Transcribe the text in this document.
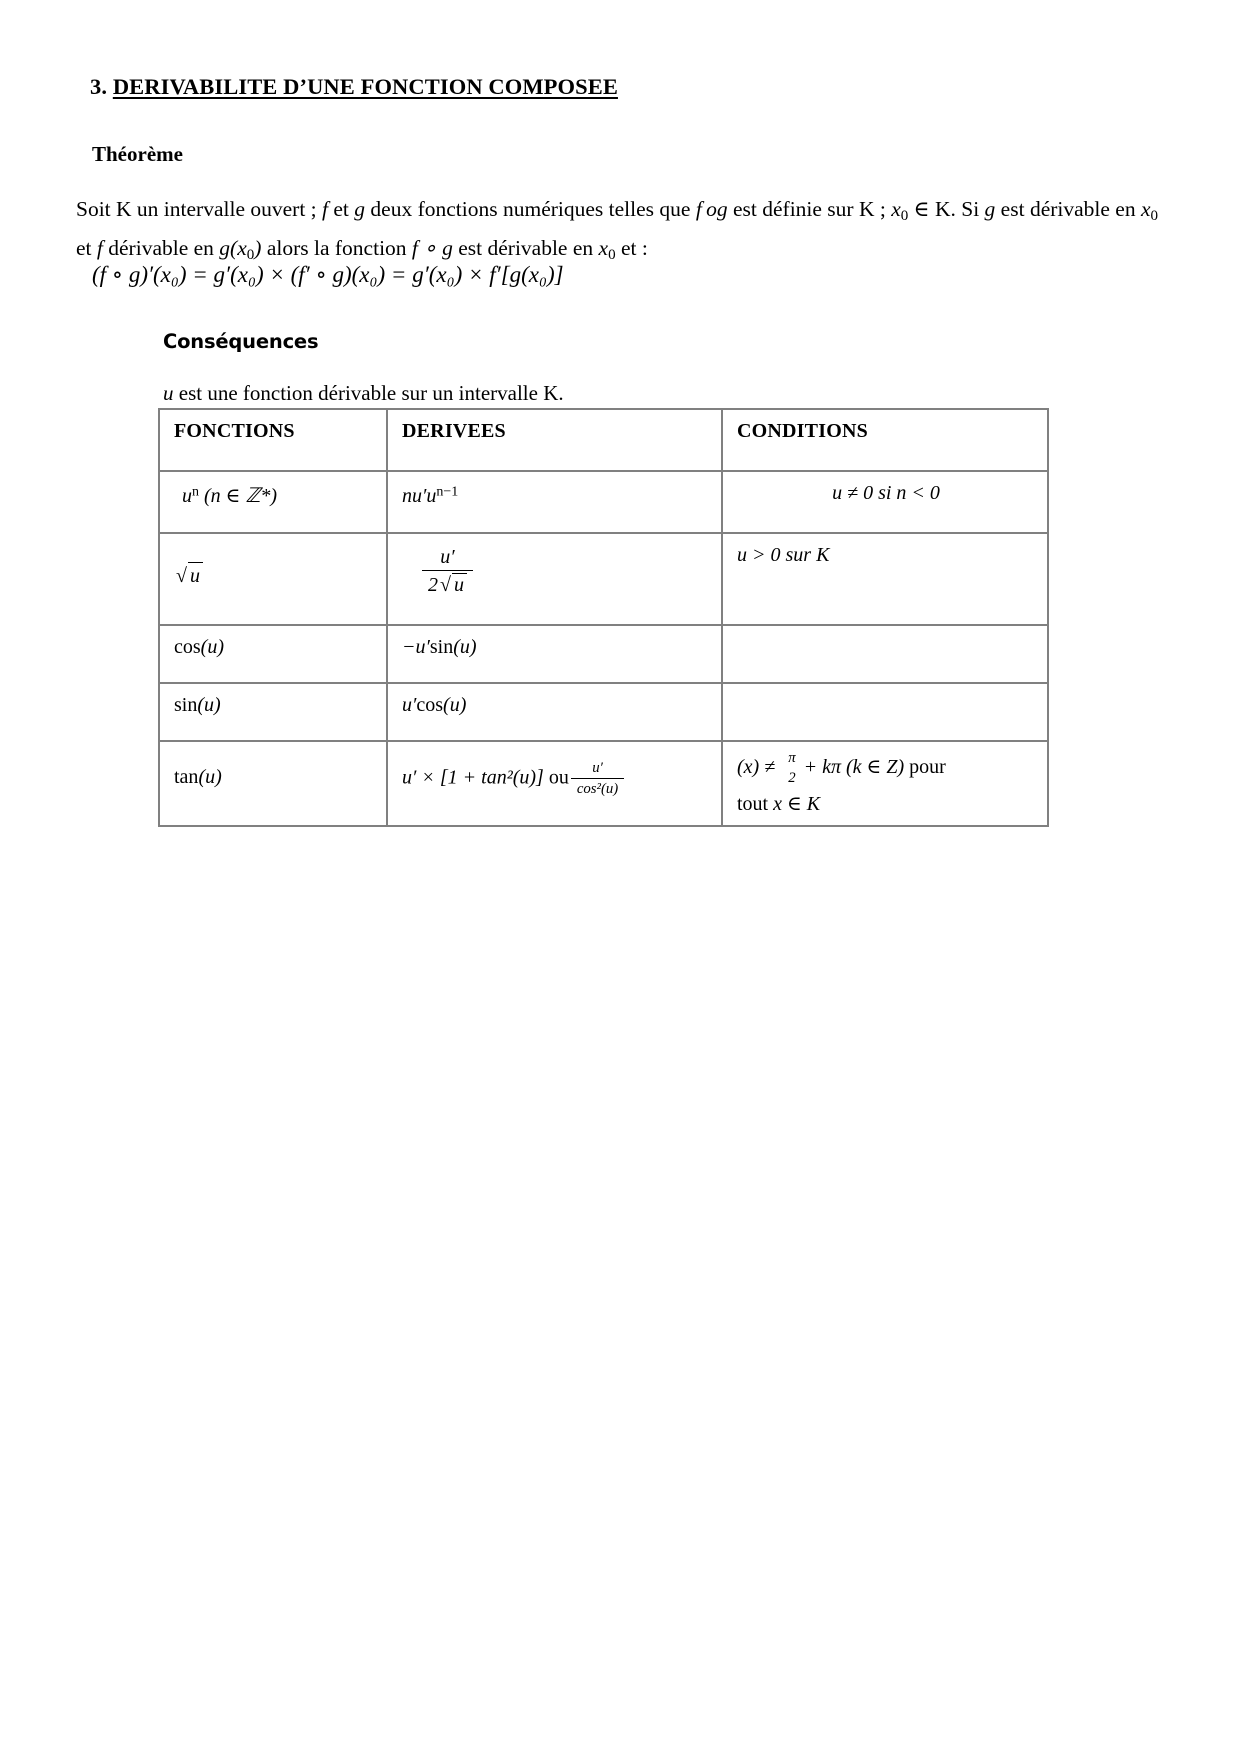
3. DERIVABILITE D’UNE FONCTION COMPOSEE
Théorème

Soit K un intervalle ouvert ; f et g deux fonctions numériques telles que f og est définie sur K ; $x_0$ ∈ K. Si g est dérivable en $x_0$ et f dérivable en $g(x_0)$ alors la fonction f ∘ g est dérivable en $x_0$ et :

(f ∘ g)′(x₀) = g′(x₀) × (f′ ∘ g)(x₀) = g′(x₀) × f′[g(x₀)]
Conséquences
u est une fonction dérivable sur un intervalle K.
FONCTIONS	DERIVEES	CONDITIONS
$u^n$ (n ∈ ℤ*)	$nu'u^{n-1}$	u ≠ 0 si n < 0

√ u	$\frac{u'}{2 √ u}$	u > 0 sur K

cos(u)	−u′sin(u)	

sin(u)	u′cos(u)	

tan(u)	u′ × [1 + tan²(u)] ou $\frac{u'}{\text{cos²(u)}}$	(x) ≠ π
2 + kπ (k ∈ Z) pour
tout x ∈ K
